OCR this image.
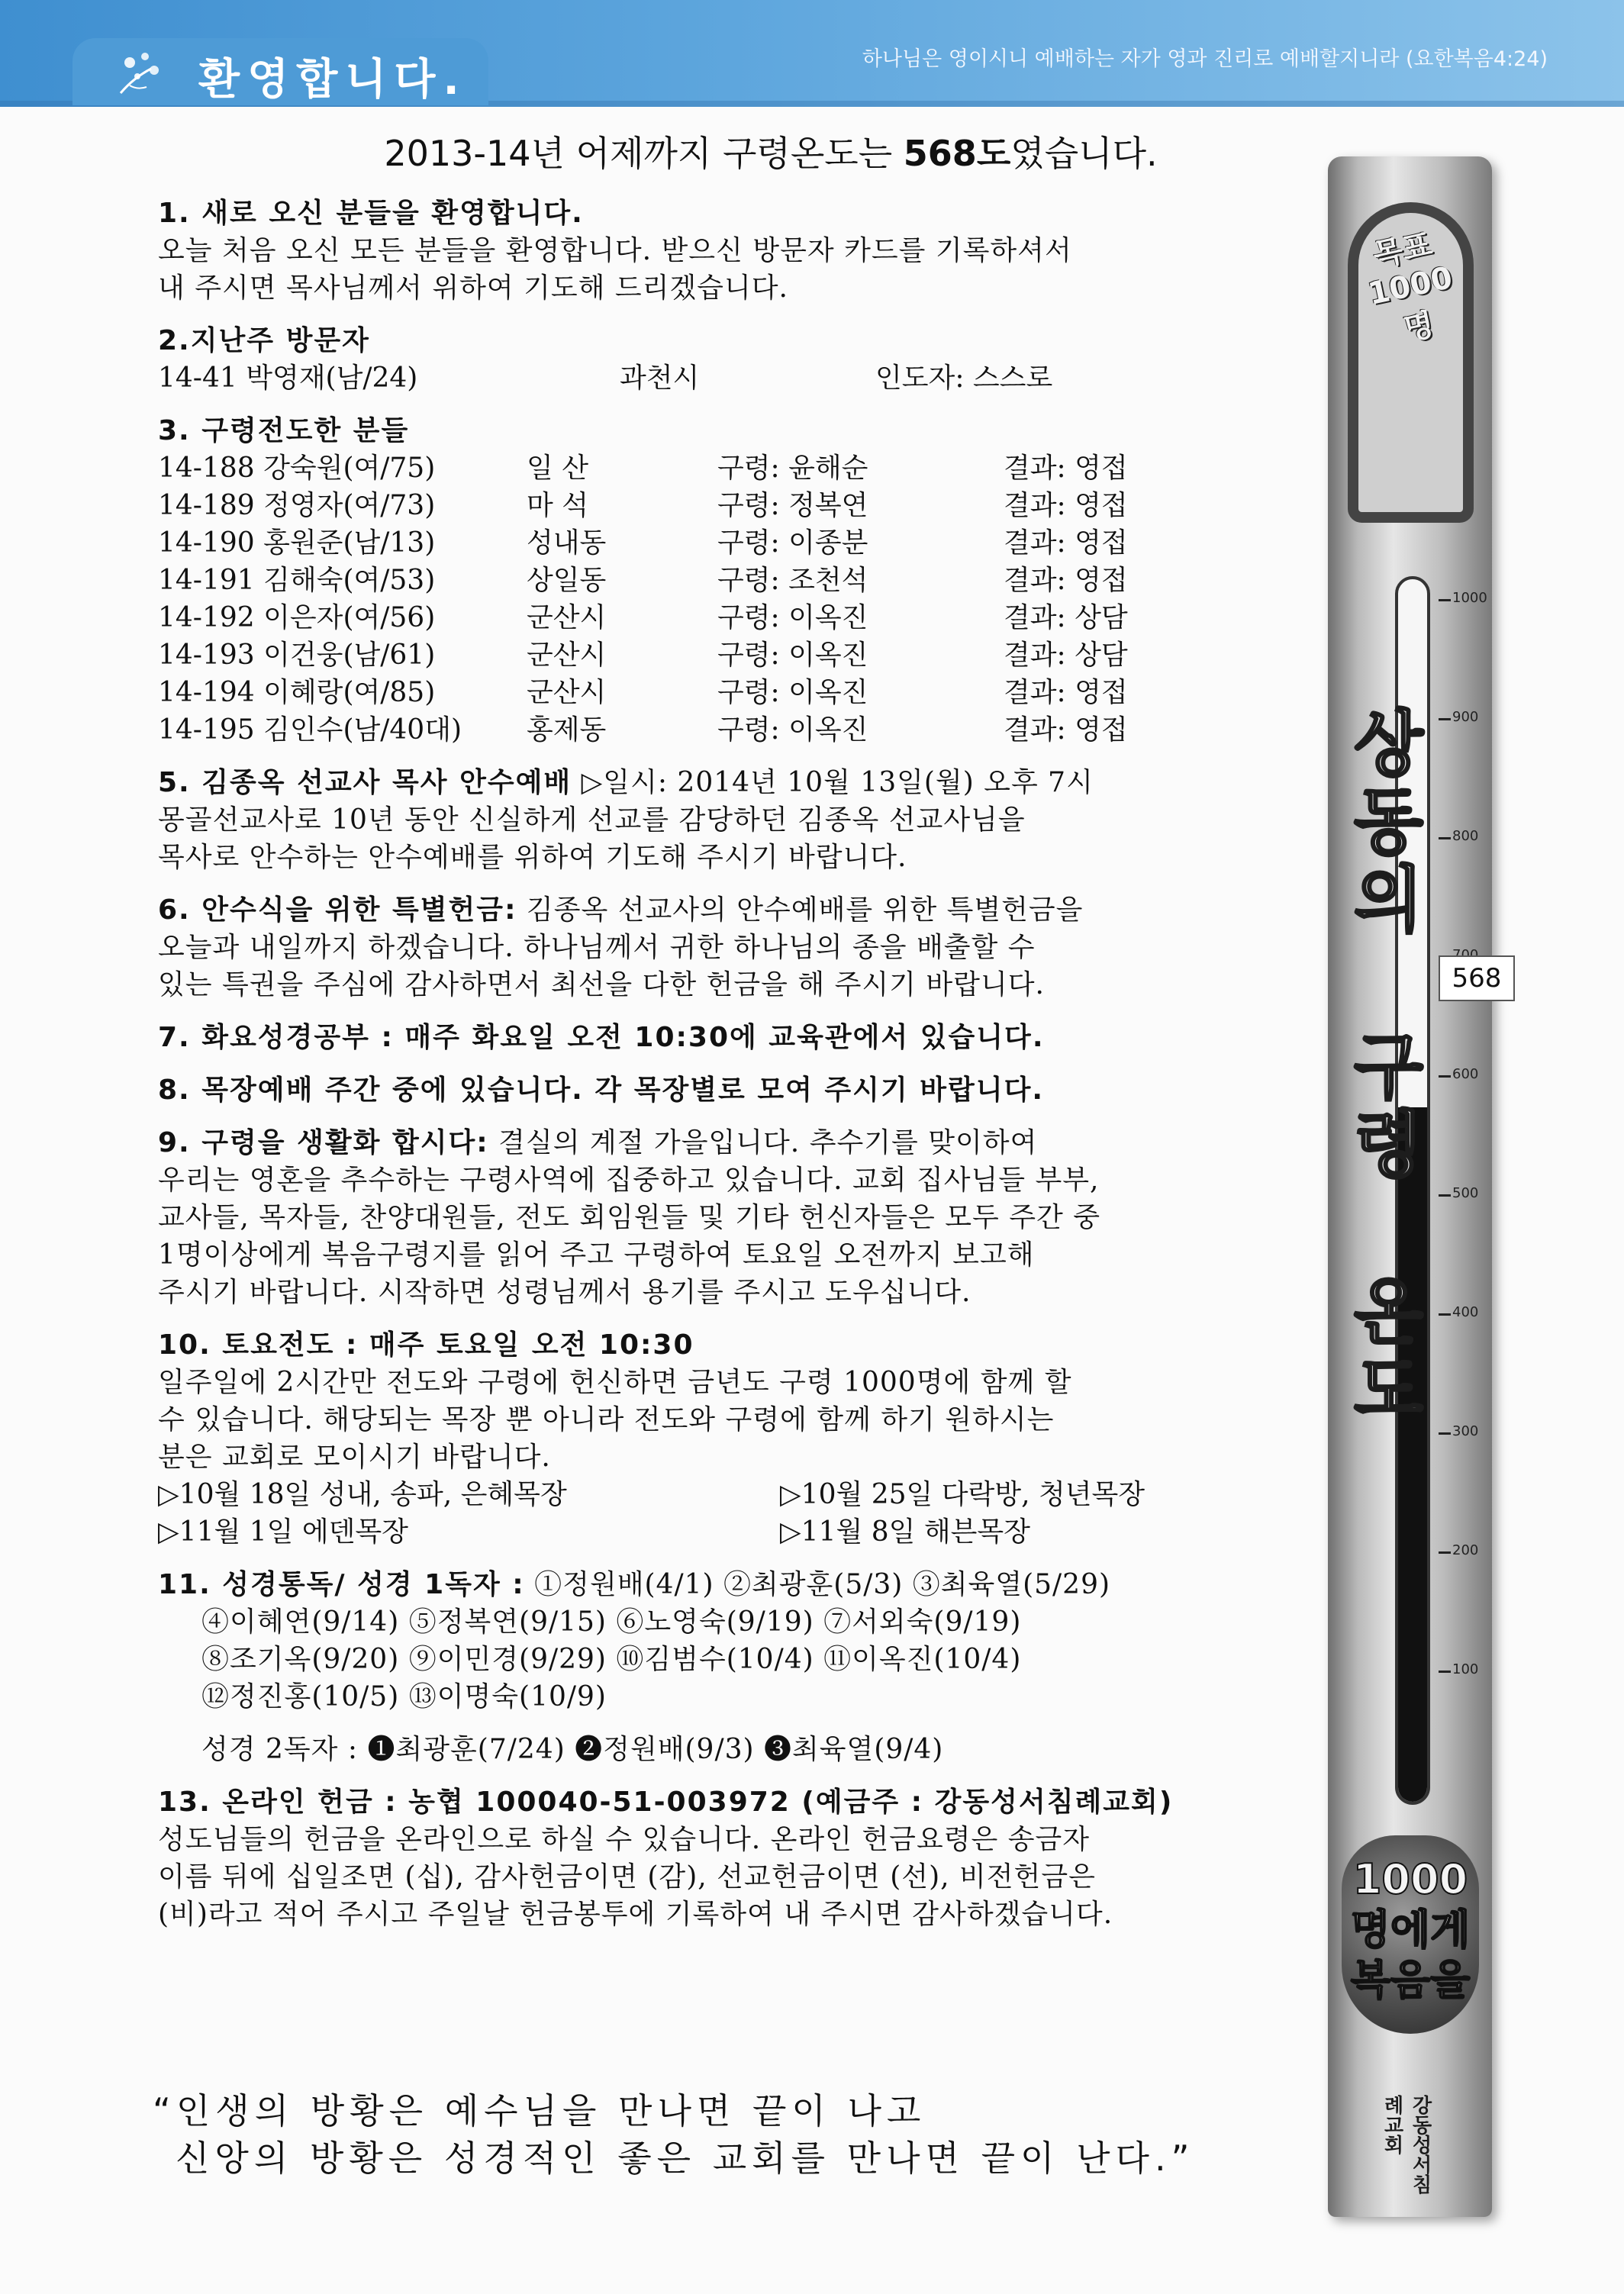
환영합니다.	하나님은 영이시니 예배하는 자가 영과 진리로 예배할지니라 (요한복음4:24)
2013-14년 어제까지 구령온도는 568도였습니다.
1. 새로 오신 분들을 환영합니다.
오늘 처음 오신 모든 분들을 환영합니다. 받으신 방문자 카드를 기록하셔서
내 주시면 목사님께서 위하여 기도해 드리겠습니다.
2.지난주 방문자
14-41 박영재(남/24)	과천시	인도자: 스스로
3. 구령전도한 분들
14-188 강숙원(여/75)	일 산	구령: 윤해순	결과: 영접
14-189 정영자(여/73)	마 석	구령: 정복연	결과: 영접
14-190 홍원준(남/13)	성내동	구령: 이종분	결과: 영접
14-191 김해숙(여/53)	상일동	구령: 조천석	결과: 영접
14-192 이은자(여/56)	군산시	구령: 이옥진	결과: 상담
14-193 이건웅(남/61)	군산시	구령: 이옥진	결과: 상담
14-194 이혜랑(여/85)	군산시	구령: 이옥진	결과: 영접
14-195 김인수(남/40대)	홍제동	구령: 이옥진	결과: 영접
5. 김종옥 선교사 목사 안수예배 ▷일시: 2014년 10월 13일(월) 오후 7시
몽골선교사로 10년 동안 신실하게 선교를 감당하던 김종옥 선교사님을
목사로 안수하는 안수예배를 위하여 기도해 주시기 바랍니다.
6. 안수식을 위한 특별헌금: 김종옥 선교사의 안수예배를 위한 특별헌금을
오늘과 내일까지 하겠습니다. 하나님께서 귀한 하나님의 종을 배출할 수
있는 특권을 주심에 감사하면서 최선을 다한 헌금을 해 주시기 바랍니다.
7. 화요성경공부 : 매주 화요일 오전 10:30에 교육관에서 있습니다.
8. 목장예배 주간 중에 있습니다. 각 목장별로 모여 주시기 바랍니다.
9. 구령을 생활화 합시다: 결실의 계절 가을입니다. 추수기를 맞이하여
우리는 영혼을 추수하는 구령사역에 집중하고 있습니다. 교회 집사님들 부부,
교사들, 목자들, 찬양대원들, 전도 회임원들 및 기타 헌신자들은 모두 주간 중
1명이상에게 복음구령지를 읽어 주고 구령하여 토요일 오전까지 보고해
주시기 바랍니다. 시작하면 성령님께서 용기를 주시고 도우십니다.
10. 토요전도 : 매주 토요일 오전 10:30
일주일에 2시간만 전도와 구령에 헌신하면 금년도 구령 1000명에 함께 할
수 있습니다. 해당되는 목장 뿐 아니라 전도와 구령에 함께 하기 원하시는
분은 교회로 모이시기 바랍니다.
▷10월 18일 성내, 송파, 은혜목장	▷10월 25일 다락방, 청년목장
▷11월 1일 에덴목장	▷11월 8일 해븐목장
11. 성경통독/ 성경 1독자 : ①정원배(4/1) ②최광훈(5/3) ③최육열(5/29)
④이혜연(9/14) ⑤정복연(9/15) ⑥노영숙(9/19) ⑦서외숙(9/19)
⑧조기옥(9/20) ⑨이민경(9/29) ⑩김범수(10/4) ⑪이옥진(10/4)
⑫정진홍(10/5) ⑬이명숙(10/9)
성경 2독자 : ❶최광훈(7/24) ❷정원배(9/3) ❸최육열(9/4)
13. 온라인 헌금 : 농협 100040-51-003972 (예금주 : 강동성서침례교회)
성도님들의 헌금을 온라인으로 하실 수 있습니다. 온라인 헌금요령은 송금자
이름 뒤에 십일조면 (십), 감사헌금이면 (감), 선교헌금이면 (선), 비전헌금은
(비)라고 적어 주시고 주일날 헌금봉투에 기록하여 내 주시면 감사하겠습니다.
“인생의 방황은 예수님을 만나면 끝이 나고
신앙의 방황은 성경적인 좋은 교회를 만나면 끝이 난다.”
목표 1000명
1000
900
800
600
500
400
300
200
100
상동의 구령 온도
1000명에게 복음을
강동성서침례교회
568
